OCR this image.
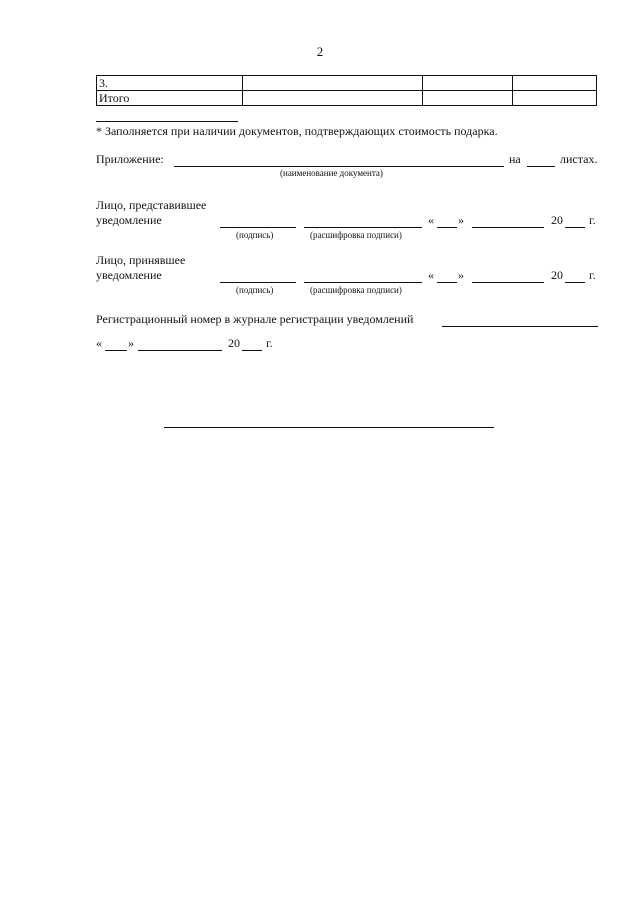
2
3.			
Итого			
* Заполняется при наличии документов, подтверждающих стоимость подарка.
Приложение:
(наименование документа)
на	листах.
Лицо, представившее
уведомление
(подпись)	(расшифровка подписи)
« »	20 г.
Лицо, принявшее
уведомление
(подпись)	(расшифровка подписи)
« »	20 г.
Регистрационный номер в журнале регистрации уведомлений
« »	20 г.
